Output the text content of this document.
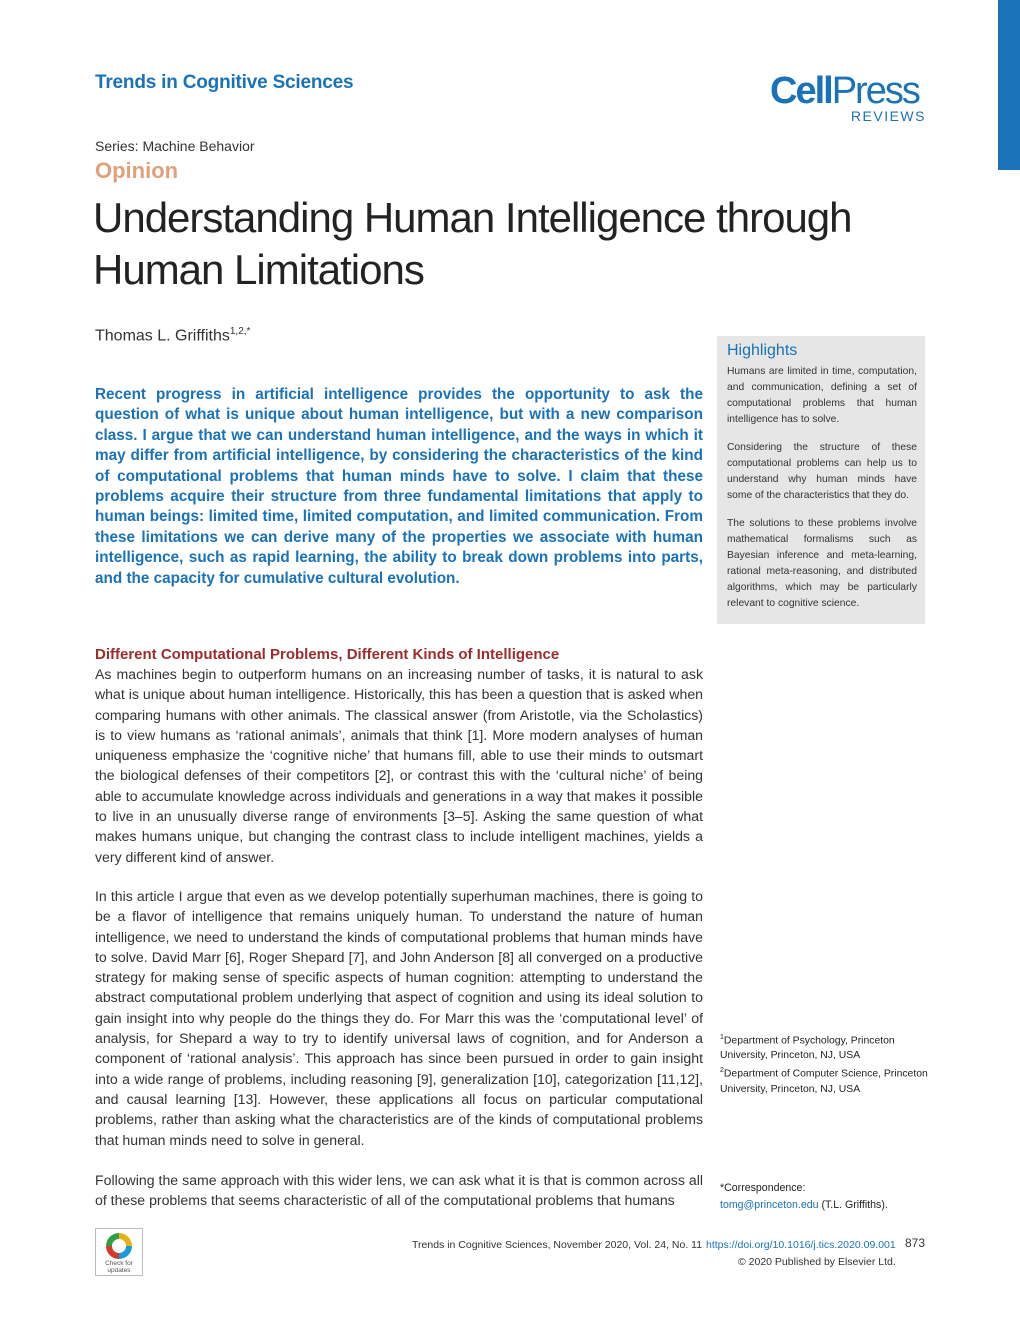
Trends in Cognitive Sciences	CellPress
REVIEWS
Series: Machine Behavior
Opinion
Understanding Human Intelligence through Human Limitations
Thomas L. Griffiths$^{1,2,*}$
Recent progress in artificial intelligence provides the opportunity to ask the question of what is unique about human intelligence, but with a new comparison class. I argue that we can understand human intelligence, and the ways in which it may differ from artificial intelligence, by considering the characteristics of the kind of computational problems that human minds have to solve. I claim that these problems acquire their structure from three fundamental limitations that apply to human beings: limited time, limited computation, and limited communication. From these limitations we can derive many of the properties we associate with human intelligence, such as rapid learning, the ability to break down problems into parts, and the capacity for cumulative cultural evolution.
Highlights

Humans are limited in time, computation, and communication, defining a set of computational problems that human intelligence has to solve.

Considering the structure of these computational problems can help us to understand why human minds have some of the characteristics that they do.

The solutions to these problems involve mathematical formalisms such as Bayesian inference and meta-learning, rational meta-reasoning, and distributed algorithms, which may be particularly relevant to cognitive science.

Different Computational Problems, Different Kinds of Intelligence
As machines begin to outperform humans on an increasing number of tasks, it is natural to ask what is unique about human intelligence. Historically, this has been a question that is asked when comparing humans with other animals. The classical answer (from Aristotle, via the Scholastics) is to view humans as ‘rational animals’, animals that think [1]. More modern analyses of human uniqueness emphasize the ‘cognitive niche’ that humans fill, able to use their minds to outsmart the biological defenses of their competitors [2], or contrast this with the ‘cultural niche’ of being able to accumulate knowledge across individuals and generations in a way that makes it possible to live in an unusually diverse range of environments [3–5]. Asking the same question of what makes humans unique, but changing the contrast class to include intelligent machines, yields a very different kind of answer.
In this article I argue that even as we develop potentially superhuman machines, there is going to be a flavor of intelligence that remains uniquely human. To understand the nature of human intelligence, we need to understand the kinds of computational problems that human minds have to solve. David Marr [6], Roger Shepard [7], and John Anderson [8] all converged on a productive strategy for making sense of specific aspects of human cognition: attempting to understand the abstract computational problem underlying that aspect of cognition and using its ideal solution to gain insight into why people do the things they do. For Marr this was the ‘computational level’ of analysis, for Shepard a way to try to identify universal laws of cognition, and for Anderson a component of ‘rational analysis’. This approach has since been pursued in order to gain insight into a wide range of problems, including reasoning [9], generalization [10], categorization [11,12], and causal learning [13]. However, these applications all focus on particular computational problems, rather than asking what the characteristics are of the kinds of computational problems that human minds need to solve in general.
Following the same approach with this wider lens, we can ask what it is that is common across all of these problems that seems characteristic of all of the computational problems that humans
$^1$Department of Psychology, Princeton University, Princeton, NJ, USA
$^2$Department of Computer Science, Princeton University, Princeton, NJ, USA
*Correspondence:
tomg@princeton.edu (T.L. Griffiths).
Check for
updates
Trends in Cognitive Sciences, November 2020, Vol. 24, No. 11 https://doi.org/10.1016/j.tics.2020.09.001 873
© 2020 Published by Elsevier Ltd.
